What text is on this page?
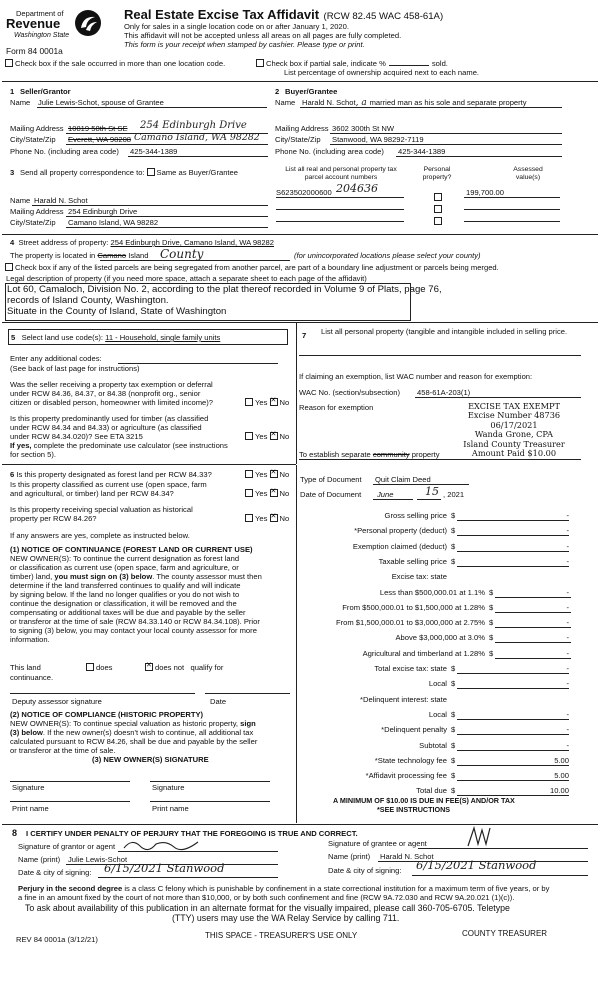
Department of
Revenue
Washington State
Form 84 0001a
Real Estate Excise Tax Affidavit (RCW 82.45 WAC 458-61A)
Only for sales in a single location code on or after January 1, 2020.
This affidavit will not be accepted unless all areas on all pages are fully completed.
This form is your receipt when stamped by cashier. Please type or print.
Check box if the sale occurred in more than one location code.	Check box if partial sale, indicate %	sold.
List percentage of ownership acquired next to each name.
1 Seller/Grantor
Name Julie Lewis-Schot, spouse of Grantee
Mailing Address 10819 58th St SE 254 Edinburgh Drive
City/State/Zip Everett, WA 98208 Camano Island, WA 98282
Phone No. (including area code) 425-344-1389
2 Buyer/Grantee
Name Harald N. Schot, a married man as his sole and separate property
Mailing Address 3602 300th St NW
City/State/Zip Stanwood, WA 98292-7119
Phone No. (including area code) 425-344-1389
3 Send all property correspondence to: Same as Buyer/Grantee
Name Harald N. Schot
Mailing Address 254 Edinburgh Drive
City/State/Zip Camano Island, WA 98282
List all real and personal property tax
parcel account numbers
Personal
property?
Assessed
value(s)
S623502000600 204636	199,700.00
4 Street address of property: 254 Edinburgh Drive, Camano Island, WA 98282
The property is located in Camano Island County	(for unincorporated locations please select your county)
Check box if any of the listed parcels are being segregated from another parcel, are part of a boundary line adjustment or parcels being merged.
Legal description of property (if you need more space, attach a separate sheet to each page of the affidavit)
Lot 60, Camaloch, Division No. 2, according to the plat thereof recorded in Volume 9 of Plats, page 76,
records of Island County, Washington.
Situate in the County of Island, State of Washington
5 Select land use code(s): 11 - Household, single family units
Enter any additional codes:
(See back of last page for instructions)
Was the seller receiving a property tax exemption or deferral
under RCW 84.36, 84.37, or 84.38 (nonprofit org., senior
citizen or disabled person, homeowner with limited income)?	Yes ✕ No
Is this property predominantly used for timber (as classified
under RCW 84.34 and 84.33) or agriculture (as classified
under RCW 84.34.020)? See ETA 3215	Yes ✕ No
If yes, complete the predominate use calculator (see instructions
for section 5).
7 List all personal property (tangible and intangible included in selling price.
If claiming an exemption, list WAC number and reason for exemption:
WAC No. (section/subsection) 458-61A-203(1)
Reason for exemption	EXCISE TAX EXEMPT
Excise Number 48736
06/17/2021
Wanda Grone, CPA
Island County Treasurer
Amount Paid $10.00
To establish separate community property
6 Is this property designated as forest land per RCW 84.33?	Yes ✕ No
Is this property classified as current use (open space, farm
and agricultural, or timber) land per RCW 84.34?	Yes ✕ No
Is this property receiving special valuation as historical
property per RCW 84.26?	Yes ✕ No
If any answers are yes, complete as instructed below.
(1) NOTICE OF CONTINUANCE (FOREST LAND OR CURRENT USE)
NEW OWNER(S): To continue the current designation as forest land
or classification as current use (open space, farm and agriculture, or
timber) land, you must sign on (3) below. The county assessor must then
determine if the land transferred continues to qualify and will indicate
by signing below. If the land no longer qualifies or you do not wish to
continue the designation or classification, it will be removed and the
compensating or additional taxes will be due and payable by the seller
or transferor at the time of sale (RCW 84.33.140 or RCW 84.34.108). Prior
to signing (3) below, you may contact your local county assessor for more
information.
This land	does ✕	does not qualify for
continuance.
Deputy assessor signature	Date
(2) NOTICE OF COMPLIANCE (HISTORIC PROPERTY)
NEW OWNER(S): To continue special valuation as historic property, sign
(3) below. If the new owner(s) doesn't wish to continue, all additional tax
calculated pursuant to RCW 84.26, shall be due and payable by the seller
or transferor at the time of sale.
(3) NEW OWNER(S) SIGNATURE
Signature	Signature
Print name	Print name
Type of Document Quit Claim Deed
Date of Document June	15 , 2021
Gross selling price $	-
*Personal property (deduct) $	-
Exemption claimed (deduct) $	-
Taxable selling price $	-
Excise tax: state
Less than $500,000.01 at 1.1% $	-
From $500,000.01 to $1,500,000 at 1.28% $	-
From $1,500,000.01 to $3,000,000 at 2.75% $	-
Above $3,000,000 at 3.0% $	-
Agricultural and timberland at 1.28% $	-
Total excise tax: state $	-
Local $	-
*Delinquent interest: state
Local $	-
*Delinquent penalty $	-
Subtotal $	-
*State technology fee $	5.00
*Affidavit processing fee $	5.00
Total due $	10.00
A MINIMUM OF $10.00 IS DUE IN FEE(S) AND/OR TAX
*SEE INSTRUCTIONS
8 I CERTIFY UNDER PENALTY OF PERJURY THAT THE FOREGOING IS TRUE AND CORRECT.
Signature of grantor or agent
Name (print) Julie Lewis-Schot
Date & city of signing: 6/15/2021 Stanwood
Signature of grantee or agent
Name (print) Harald N. Schot
Date & city of signing: 6/15/2021 Stanwood
Perjury in the second degree is a class C felony which is punishable by confinement in a state correctional institution for a maximum term of five years, or by
a fine in an amount fixed by the court of not more than $10,000, or by both such confinement and fine (RCW 9A.72.030 and RCW 9A.20.021 (1)(c)).
To ask about availability of this publication in an alternate format for the visually impaired, please call 360-705-6705. Teletype
(TTY) users may use the WA Relay Service by calling 711.
REV 84 0001a (3/12/21)	THIS SPACE - TREASURER'S USE ONLY	COUNTY TREASURER
